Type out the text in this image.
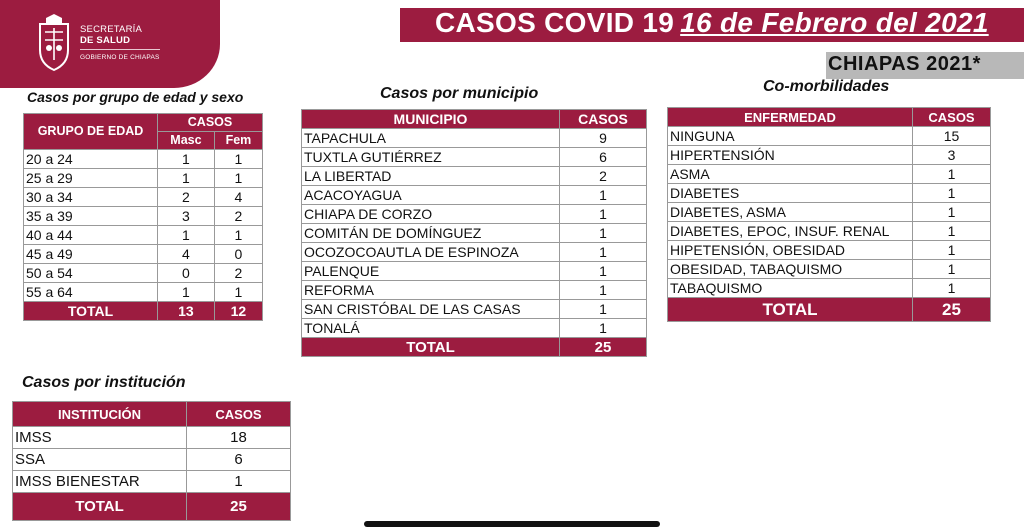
SECRETARÍA
DE SALUD
GOBIERNO DE CHIAPAS
CASOS COVID 19 16 de Febrero del 2021
CHIAPAS 2021*
Casos por grupo de edad y sexo
GRUPO DE EDAD	CASOS	
	Masc	Fem
20 a 24	1	1
25 a 29	1	1
30 a 34	2	4
35 a 39	3	2
40 a 44	1	1
45 a 49	4	0
50 a 54	0	2
55 a 64	1	1
TOTAL	13	12
Casos por municipio
MUNICIPIO	CASOS
TAPACHULA	9
TUXTLA GUTIÉRREZ	6
LA LIBERTAD	2
ACACOYAGUA	1
CHIAPA DE CORZO	1
COMITÁN DE DOMÍNGUEZ	1
OCOZOCOAUTLA DE ESPINOZA	1
PALENQUE	1
REFORMA	1
SAN CRISTÓBAL DE LAS CASAS	1
TONALÁ	1
TOTAL	25
Co-morbilidades
ENFERMEDAD	CASOS
NINGUNA	15
HIPERTENSIÓN	3
ASMA	1
DIABETES	1
DIABETES, ASMA	1
DIABETES, EPOC, INSUF. RENAL	1
HIPETENSIÓN, OBESIDAD	1
OBESIDAD, TABAQUISMO	1
TABAQUISMO	1
TOTAL	25
Casos por institución
INSTITUCIÓN	CASOS
IMSS	18
SSA	6
IMSS BIENESTAR	1
TOTAL	25
